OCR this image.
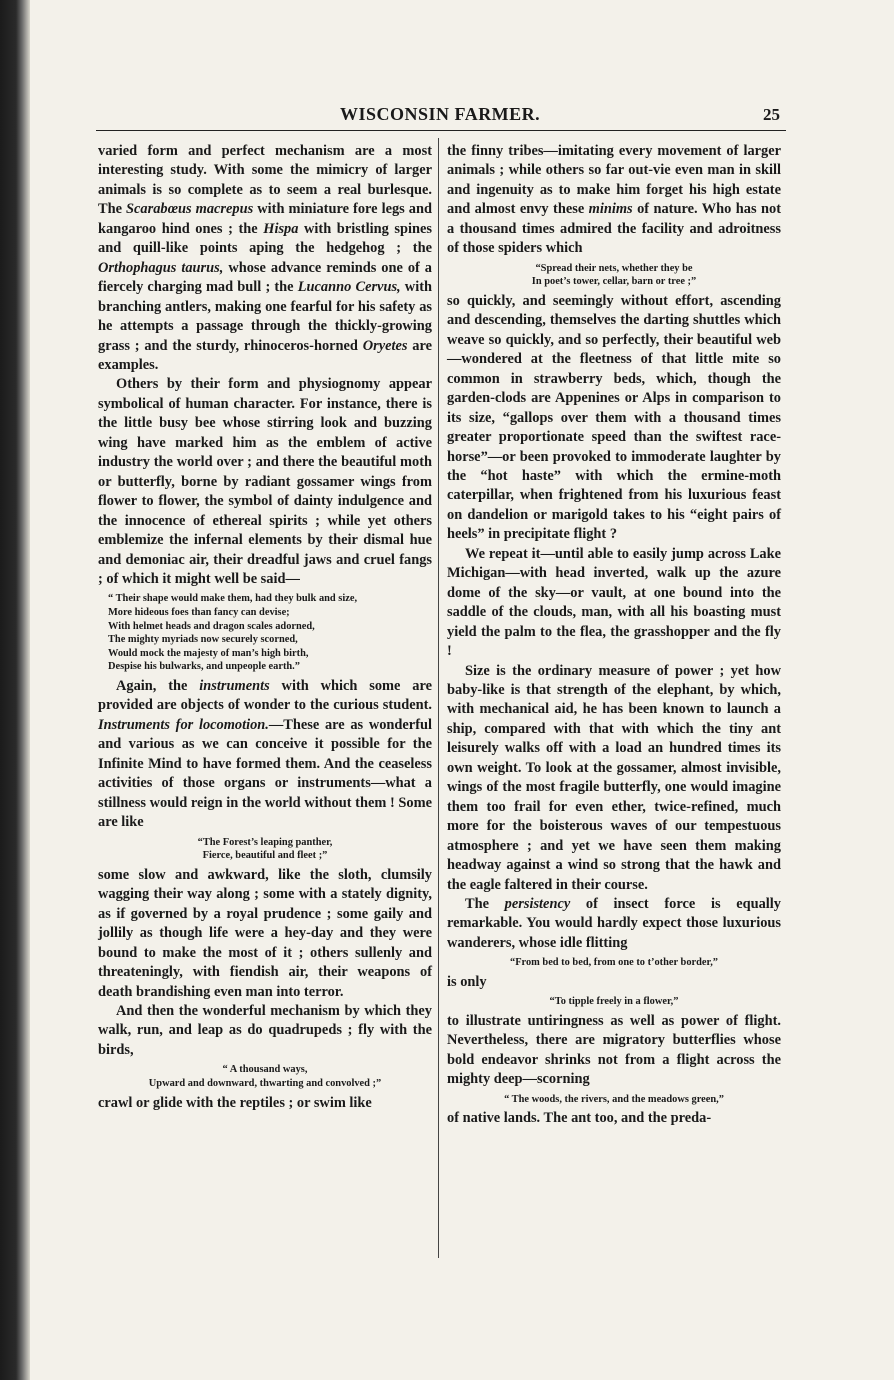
WISCONSIN FARMER.	25

varied form and perfect mechanism are a most interesting study. With some the mimicry of larger animals is so complete as to seem a real burlesque. The Scarabœus macrepus with miniature fore legs and kangaroo hind ones ; the Hispa with bristling spines and quill-like points aping the hedgehog ; the Orthophagus taurus, whose advance reminds one of a fiercely charging mad bull ; the Lucanno Cervus, with branching antlers, making one fearful for his safety as he attempts a passage through the thickly-growing grass ; and the sturdy, rhinoceros-horned Oryetes are examples.

Others by their form and physiognomy appear symbolical of human character. For instance, there is the little busy bee whose stirring look and buzzing wing have marked him as the emblem of active industry the world over ; and there the beautiful moth or butterfly, borne by radiant gossamer wings from flower to flower, the symbol of dainty indulgence and the innocence of ethereal spirits ; while yet others emblemize the infernal elements by their dismal hue and demoniac air, their dreadful jaws and cruel fangs ; of which it might well be said—

“ Their shape would make them, had they bulk and size,
More hideous foes than fancy can devise;
With helmet heads and dragon scales adorned,
The mighty myriads now securely scorned,
Would mock the majesty of man’s high birth,
Despise his bulwarks, and unpeople earth.”

Again, the instruments with which some are provided are objects of wonder to the curious student. Instruments for locomotion.—These are as wonderful and various as we can conceive it possible for the Infinite Mind to have formed them. And the ceaseless activities of those organs or instruments—what a stillness would reign in the world without them ! Some are like

“The Forest’s leaping panther,
Fierce, beautiful and fleet ;”

some slow and awkward, like the sloth, clumsily wagging their way along ; some with a stately dignity, as if governed by a royal prudence ; some gaily and jollily as though life were a hey-day and they were bound to make the most of it ; others sullenly and threateningly, with fiendish air, their weapons of death brandishing even man into terror.

And then the wonderful mechanism by which they walk, run, and leap as do quadrupeds ; fly with the birds,

“ A thousand ways,
Upward and downward, thwarting and convolved ;”

crawl or glide with the reptiles ; or swim like

the finny tribes—imitating every movement of larger animals ; while others so far out-vie even man in skill and ingenuity as to make him forget his high estate and almost envy these minims of nature. Who has not a thousand times admired the facility and adroitness of those spiders which

“Spread their nets, whether they be
In poet’s tower, cellar, barn or tree ;”

so quickly, and seemingly without effort, ascending and descending, themselves the darting shuttles which weave so quickly, and so perfectly, their beautiful web—wondered at the fleetness of that little mite so common in strawberry beds, which, though the garden-clods are Appenines or Alps in comparison to its size, “gallops over them with a thousand times greater proportionate speed than the swiftest race-horse”—or been provoked to immoderate laughter by the “hot haste” with which the ermine-moth caterpillar, when frightened from his luxurious feast on dandelion or marigold takes to his “eight pairs of heels” in precipitate flight ?

We repeat it—until able to easily jump across Lake Michigan—with head inverted, walk up the azure dome of the sky—or vault, at one bound into the saddle of the clouds, man, with all his boasting must yield the palm to the flea, the grasshopper and the fly !

Size is the ordinary measure of power ; yet how baby-like is that strength of the elephant, by which, with mechanical aid, he has been known to launch a ship, compared with that with which the tiny ant leisurely walks off with a load an hundred times its own weight. To look at the gossamer, almost invisible, wings of the most fragile butterfly, one would imagine them too frail for even ether, twice-refined, much more for the boisterous waves of our tempestuous atmosphere ; and yet we have seen them making headway against a wind so strong that the hawk and the eagle faltered in their course.

The persistency of insect force is equally remarkable. You would hardly expect those luxurious wanderers, whose idle flitting

“From bed to bed, from one to t’other border,”

is only

“To tipple freely in a flower,”

to illustrate untiringness as well as power of flight. Nevertheless, there are migratory butterflies whose bold endeavor shrinks not from a flight across the mighty deep—scorning

“ The woods, the rivers, and the meadows green,”

of native lands. The ant too, and the preda-
